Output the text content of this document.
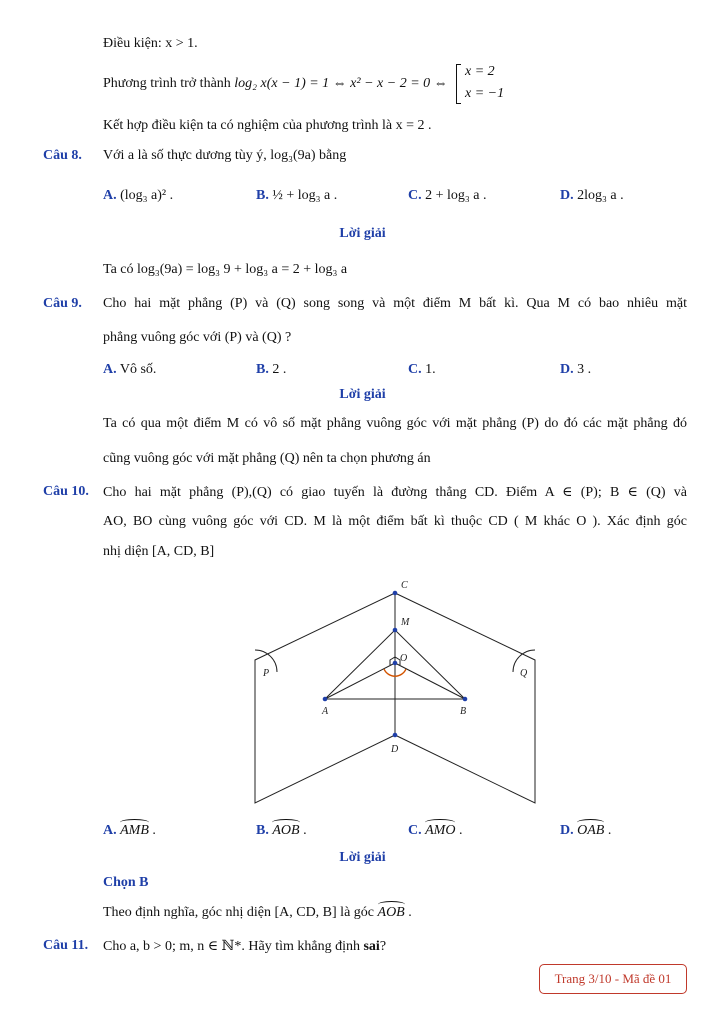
Điều kiện: x > 1.
Phương trình trở thành log₂ x(x − 1) = 1 ⇔ x² − x − 2 = 0 ⇔
x = 2
x = −1
Kết hợp điều kiện ta có nghiệm của phương trình là x = 2 .
Câu 8. Với a là số thực dương tùy ý, log₃(9a) bằng
A. (log₃ a)² .	B. ½ + log₃ a .	C. 2 + log₃ a .	D. 2log₃ a .
Lời giải
Ta có log₃(9a) = log₃ 9 + log₃ a = 2 + log₃ a
Câu 9. Cho hai mặt phẳng (P) và (Q) song song và một điểm M bất kì. Qua M có bao nhiêu mặt
phẳng vuông góc với (P) và (Q) ?
A. Vô số.	B. 2 .	C. 1.	D. 3 .
Lời giải
Ta có qua một điểm M có vô số mặt phẳng vuông góc với mặt phẳng (P) do đó các mặt phẳng đó
cũng vuông góc với mặt phẳng (Q) nên ta chọn phương án
Câu 10. Cho hai mặt phẳng (P),(Q) có giao tuyến là đường thẳng CD. Điểm A ∈ (P); B ∈ (Q) và
AO, BO cùng vuông góc với CD. M là một điểm bất kì thuộc CD ( M khác O ). Xác định góc
nhị diện [A, CD, B]
C
M
O
P	Q
A	B
D
A. AMB .	B. AOB .	C. AMO .	D. OAB .
Lời giải
Chọn B
Theo định nghĩa, góc nhị diện [A, CD, B] là góc AOB .
Câu 11. Cho a, b > 0; m, n ∈ ℕ*. Hãy tìm khẳng định sai?
Trang 3/10 - Mã đề 01
